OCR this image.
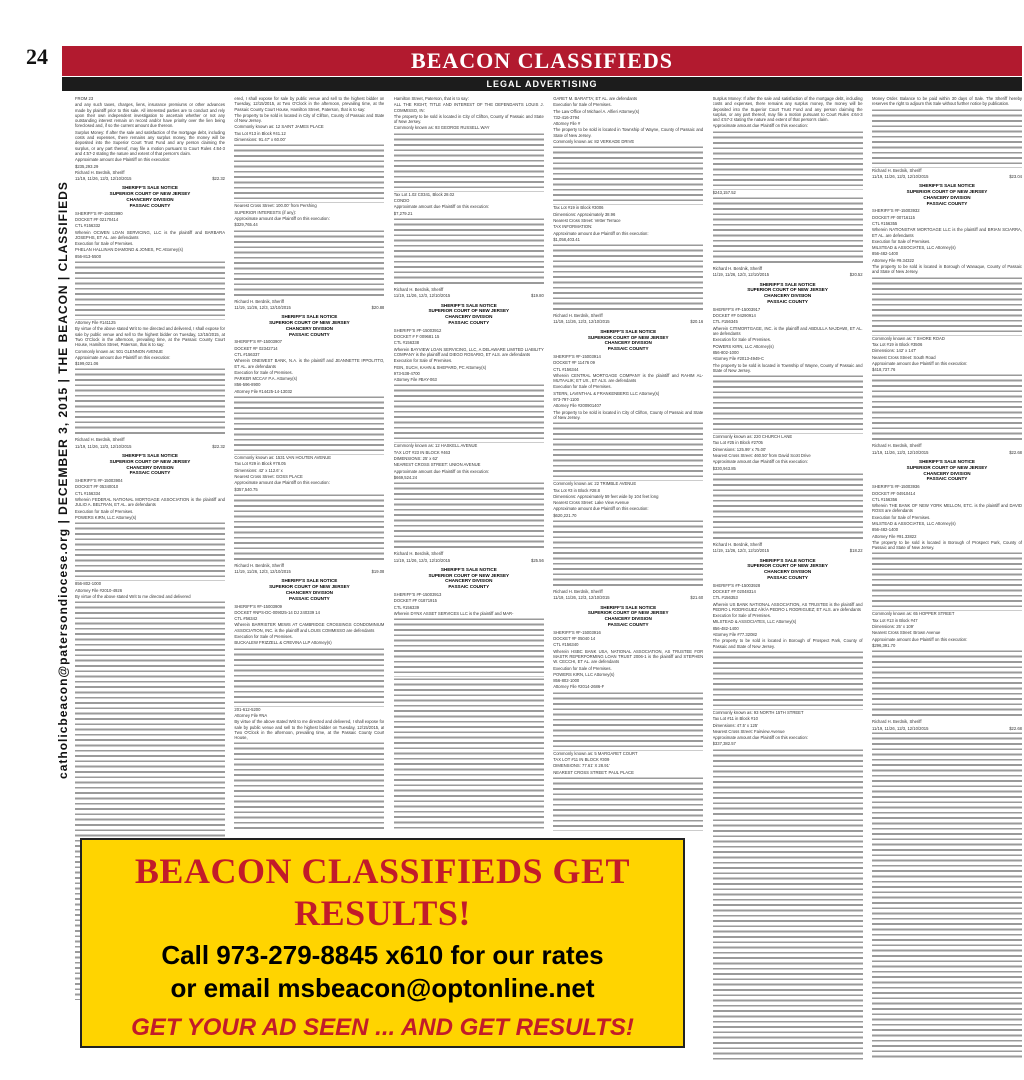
24	BEACON CLASSIFIEDS
LEGAL ADVERTISING
catholicbeacon@patersondiocese.org | DECEMBER 3, 2015 | THE BEACON | CLASSIFIEDS

FROM 23

and any such taxes, charges, liens, insurance premiums or other advances made by plaintiff prior to this sale. All interested parties are to conduct and rely upon their own independent investigation to ascertain whether or not any outstanding interest remain on record and/or have priority over the lien being foreclosed and, if so the current amount due thereon.

Surplus Money: If after the sale and satisfaction of the mortgage debt, including costs and expenses, there remains any surplus money, the money will be deposited into the Superior Court Trust Fund and any person claiming the surplus, or any part thereof, may file a motion pursuant to Court Rules 4:64-3 and 4:57-2 stating the nature and extent of that person's claim.

Approximate amount due Plaintiff on this execution:

$235,293.29

Richard H. Berdnik, Sheriff

11/19, 11/26, 12/3, 12/10/2015	$22.32
SHERIFF'S SALE NOTICE
SUPERIOR COURT OF NEW JERSEY
CHANCERY DIVISION
PASSAIC COUNTY

SHERIFF'S #F-15003990

DOCKET #F 02170414

CTL #156332

Wherein OCWEN LOAN SERVICING, LLC is the plaintiff and BARBARA JOSEPHS, ET AL. are defendants

Execution for Sale of Premises.

PHELAN HALLINAN DIAMOND & JONES, PC Attorney(s)

856-813-5500

Attorney File #141125

By virtue of the above stated Writ to me directed and delivered, I shall expose for sale by public venue and sell to the highest bidder on Tuesday, 12/15/2015, at Two O'Clock in the afternoon, prevailing time, at the Passaic County Court House, Hamilton Street, Paterson, that is to say:

Commonly known as: 501 GLENNON AVENUE

Approximate amount due Plaintiff on this execution:

$199,021.06

Richard H. Berdnik, Sheriff

11/19, 11/26, 12/3, 12/10/2015	$22.32
SHERIFF'S SALE NOTICE
SUPERIOR COURT OF NEW JERSEY
CHANCERY DIVISION
PASSAIC COUNTY

SHERIFF'S #F-15003904

DOCKET #F 05340010

CTL #156334

Wherein FEDERAL NATIONAL MORTGAGE ASSOCIATION is the plaintiff and JULIO A. BELTRAN, ET AL. are defendants

Execution for Sale of Premises.

POWERS KIRN, LLC Attorney(s)

856-802-1000

Attorney File #2010-4926

By virtue of the above stated Writ to me directed and delivered

ered, I shall expose for sale by public venue and sell to the highest bidder on Tuesday, 12/15/2015, at Two O'Clock in the afternoon, prevailing time, at the Passaic County Court House, Hamilton Street, Paterson, that is to say:

The property to be sold is located in City of Clifton, County of Passaic and State of New Jersey.

Commonly known as: 12 SAINT JAMES PLACE

Tax Lot #13 in Block #41.12

Dimensions: 91.47' x 60.00'

Nearest Cross Street: 100.00' from Pershing

SUPERIOR INTERESTS (if any):

Approximate amount due Plaintiff on this execution:

$329,765.44

Richard H. Berdnik, Sheriff

11/19, 11/26, 12/3, 12/10/2015	$20.88
SHERIFF'S SALE NOTICE
SUPERIOR COURT OF NEW JERSEY
CHANCERY DIVISION
PASSAIC COUNTY

SHERIFF'S #F-15003907

DOCKET #F 02342714

CTL #156337

Wherein ONEWEST BANK, N.A. is the plaintiff and JEANNETTE IPPOLITTO, ET AL. are defendants

Execution for Sale of Premises.

PARKER MCCAY P.A. Attorney(s)

856-596-8900

Attorney File #14425-14-13032

Commonly known as: 1531 VAN HOUTEN AVENUE

Tax Lot #29 in Block #78.05

Dimensions: 42' x 112.6' x

Nearest Cross Street: GOSS PLACE

Approximate amount due Plaintiff on this execution:

$357,540.75

Richard H. Berdnik, Sheriff

11/19, 11/26, 12/3, 12/10/2015	$19.08
SHERIFF'S SALE NOTICE
SUPERIOR COURT OF NEW JERSEY
CHANCERY DIVISION
PASSAIC COUNTY

SHERIFF'S #F-15003909

DOCKET #NPS-DC-009025-14 DJ 240339 14

CTL #56342

Wherein BARRISTER MEWS AT CAMBRIDGE CROSSINGS CONDOMINIUM ASSOCIATION, INC. is the plaintiff and LOUIS COMMISSO are defendants

Execution for Sale of Premises.

BUCKALEW FRIZZELL & CREVINA LLP Attorney(s)

201-612-5200

Attorney File #NA

By virtue of the above stated Writ to me directed and delivered, I shall expose for sale by public venue and sell to the highest bidder on Tuesday, 12/15/2015, at Two O'Clock in the afternoon, prevailing time, at the Passaic County Court House,

Hamilton Street, Paterson, that is to say:

ALL THE RIGHT, TITLE AND INTEREST OF THE DEFENDANTS LOUIS J. COMMISSO, IN:

The property to be sold is located in City of Clifton, County of Passaic and State of New Jersey.

Commonly known as: 93 GEORGE RUSSELL WAY

Tax Lot 1.02 C0341, Block 28.02

CONDO

Approximate amount due Plaintiff on this execution:

$7,279.21

Richard H. Berdnik, Sheriff

11/19, 11/26, 12/3, 12/10/2015	$19.80
SHERIFF'S SALE NOTICE
SUPERIOR COURT OF NEW JERSEY
CHANCERY DIVISION
PASSAIC COUNTY

SHERIFF'S #F-15003912

DOCKET # F 009681 15

CTL #156338

Wherein BAYVIEW LOAN SERVICING, LLC, A DELAWARE LIMITED LIABILITY COMPANY is the plaintiff and DIEGO ROSARIO, ET ALS. are defendants

Execution for Sale of Premises.

FEIN, SUCH, KAHN & SHEPARD, PC Attorney(s)

973-538-4700

Attorney File #BAY-063

Commonly known as: 12 HASKELL AVENUE

TAX LOT #23 IN BLOCK #463

DIMENSIONS: 25' x 62'

NEAREST CROSS STREET: UNION AVENUE

Approximate amount due Plaintiff on this execution:

$669,524.24

Richard H. Berdnik, Sheriff

11/19, 11/26, 12/3, 12/10/2015	$25.56
SHERIFF'S SALE NOTICE
SUPERIOR COURT OF NEW JERSEY
CHANCERY DIVISION
PASSAIC COUNTY

SHERIFF'S #F-15003913

DOCKET #F 01871915

CTL #156339

Wherein DYNX ASSET SERVICES LLC is the plaintiff and MAR-

GARET M. BARATTA; ET AL. are defendants

Execution for Sale of Premises.

The Law Office of Michael A. Alfieri Attorney(s)

732-416-3794

Attorney File #

The property to be sold is located in Township of Wayne, County of Passaic and State of New Jersey.

Commonly known as: 82 VERKADE DRIVE

Tax Lot #19 in Block #3006

Dimensions: Approximately 38.96

Nearest Cross Street: Vetter Terrace

TAX INFORMATION:

Approximate amount due Plaintiff on this execution:

$1,058,403.41

Richard H. Berdnik, Sheriff

11/19, 11/26, 12/3, 12/10/2015	$20.16
SHERIFF'S SALE NOTICE
SUPERIOR COURT OF NEW JERSEY
CHANCERY DIVISION
PASSAIC COUNTY

SHERIFF'S #F-15003914

DOCKET #F 11476 09

CTL #156344

Wherein CENTRAL MORTGAGE COMPANY is the plaintiff and RAHIM AL-MUTAALIK; ET UX., ET ALS. are defendants

Execution for Sale of Premises.

STERN, LAVINTHAL & FRANKENBERG LLC Attorney(s)

973-797-1100

Attorney File #200901407

The property to be sold is located in City of Clifton, County of Passaic and State of New Jersey.

Commonly known as: 22 TRIMBLE AVENUE

Tax Lot #3 in Block #28.8

Dimensions: Approximately 59 feet wide by 104 feet long

Nearest Cross Street: Lake View Avenue

Approximate amount due Plaintiff on this execution:

$620,221.70

Richard H. Berdnik, Sheriff

11/19, 11/26, 12/3, 12/10/2015	$21.60
SHERIFF'S SALE NOTICE
SUPERIOR COURT OF NEW JERSEY
CHANCERY DIVISION
PASSAIC COUNTY

SHERIFF'S #F-15003916

DOCKET #F 05040 14

CTL #156340

Wherein HSBC BANK USA, NATIONAL ASSOCIATION, AS TRUSTEE FOR MASTR REPERFORMING LOAN TRUST 2006-1 is the plaintiff and STEPHEN W. CECCHI, ET AL. are defendants

Execution for Sale of Premises.

POWERS KIRN, LLC Attorney(s)

856-802-1000

Attorney File #2014-2686-F

Commonly known as: 5 MARGARET COURT

TAX LOT #11 IN BLOCK #309

DIMENSIONS: 77.61' X 28.91'

NEAREST CROSS STREET: PAUL PLACE

Surplus Money: If after the sale and satisfaction of the mortgage debt, including costs and expenses, there remains any surplus money, the money will be deposited into the Superior Court Trust Fund and any person claiming the surplus, or any part thereof, may file a motion pursuant to Court Rules 4:64-3 and 4:57-2 stating the nature and extent of that person's claim.

Approximate amount due Plaintiff on this execution:

$243,157.52

Richard H. Berdnik, Sheriff

11/19, 11/26, 12/3, 12/10/2015	$20.52
SHERIFF'S SALE NOTICE
SUPERIOR COURT OF NEW JERSEY
CHANCERY DIVISION
PASSAIC COUNTY

SHERIFF'S #F-15003917

DOCKET #F 04290914

CTL #156345

Wherein CITIMORTGAGE, INC. is the plaintiff and ABDULLA NAJDAWI, ET AL. are defendants

Execution for Sale of Premises.

POWERS KIRN, LLC Attorney(s)

856-802-1000

Attorney File #2013-4949-C

The property to be sold is located in Township of Wayne, County of Passaic and State of New Jersey.

Commonly known as: 220 CHURCH LANE

Tax Lot #25 in Block #2705

Dimensions: 125.99' x 75.00'

Nearest Cross Street: 460.50' from David Scott Drive

Approximate amount due Plaintiff on this execution:

$330,943.85

Richard H. Berdnik, Sheriff

11/19, 11/26, 12/3, 12/10/2015	$18.22
SHERIFF'S SALE NOTICE
SUPERIOR COURT OF NEW JERSEY
CHANCERY DIVISION
PASSAIC COUNTY

SHERIFF'S #F-15003928

DOCKET #F 02048314

CTL #156353

Wherein US BANK NATIONAL ASSOCIATION, AS TRUSTEE is the plaintiff and PEDRO L RODRIGUEZ A/K/A PEDRO L RODRIGUEZ; ET ALS. are defendants

Execution for Sale of Premises.

MILSTEAD & ASSOCIATES, LLC Attorney(s)

856-482-1400

Attorney File #77.32082

The property to be sold is located in Borough of Prospect Park, County of Passaic and State of New Jersey.

Commonly known as: 93 NORTH 15TH STREET

Tax Lot #11 in Block #10

Dimensions: 47.5' x 125'

Nearest Cross Street: Fairview Avenue

Approximate amount due Plaintiff on this execution:

$337,382.57

Money Order. Balance to be paid within 30 days of Sale. The Sheriff hereby reserves the right to adjourn this Sale without further notice by publication.

Richard H. Berdnik, Sheriff

11/19, 11/26, 12/3, 12/10/2015	$23.04
SHERIFF'S SALE NOTICE
SUPERIOR COURT OF NEW JERSEY
CHANCERY DIVISION
PASSAIC COUNTY

SHERIFF'S #F-15003932

DOCKET #F 00716115

CTL #156355

Wherein NATIONSTAR MORTGAGE LLC is the plaintiff and BRIAN SCIARRA, ET AL. are defendants

Execution for Sale of Premises.

MILSTEAD & ASSOCIATES, LLC Attorney(s)

856-482-1400

Attorney File #9.34322

The property to be sold is located in Borough of Wanaque, County of Passaic and State of New Jersey.

Commonly known as: 7 SHORE ROAD

Tax Lot #19 in Block #3506

Dimensions: 142' x 147'

Nearest Cross Street: South Road

Approximate amount due Plaintiff on this execution:

$418,737.76

Richard H. Berdnik, Sheriff

11/19, 11/26, 12/3, 12/10/2015	$22.68
SHERIFF'S SALE NOTICE
SUPERIOR COURT OF NEW JERSEY
CHANCERY DIVISION
PASSAIC COUNTY

SHERIFF'S #F-15003936

DOCKET #F 04910414

CTL #156356

Wherein THE BANK OF NEW YORK MELLON, ETC. is the plaintiff and DAVID ROSS are defendants

Execution for Sale of Premises.

MILSTEAD & ASSOCIATES, LLC Attorney(s)

856-482-1400

Attorney File #91.33822

The property to be sold is located in Borough of Prospect Park, County of Passaic and State of New Jersey.

Commonly known as: 65 HOPPER STREET

Tax Lot #13 in Block #47

Dimensions: 25' x 109'

Nearest Cross Street: Brown Avenue

Approximate amount due Plaintiff on this execution:

$296,391.70

Richard H. Berdnik, Sheriff

11/19, 11/26, 12/3, 12/10/2015	$22.68
BEACON CLASSIFIEDS GET RESULTS!
Call 973-279-8845 x610 for our rates
or email msbeacon@optonline.net
GET YOUR AD SEEN ... AND GET RESULTS!
